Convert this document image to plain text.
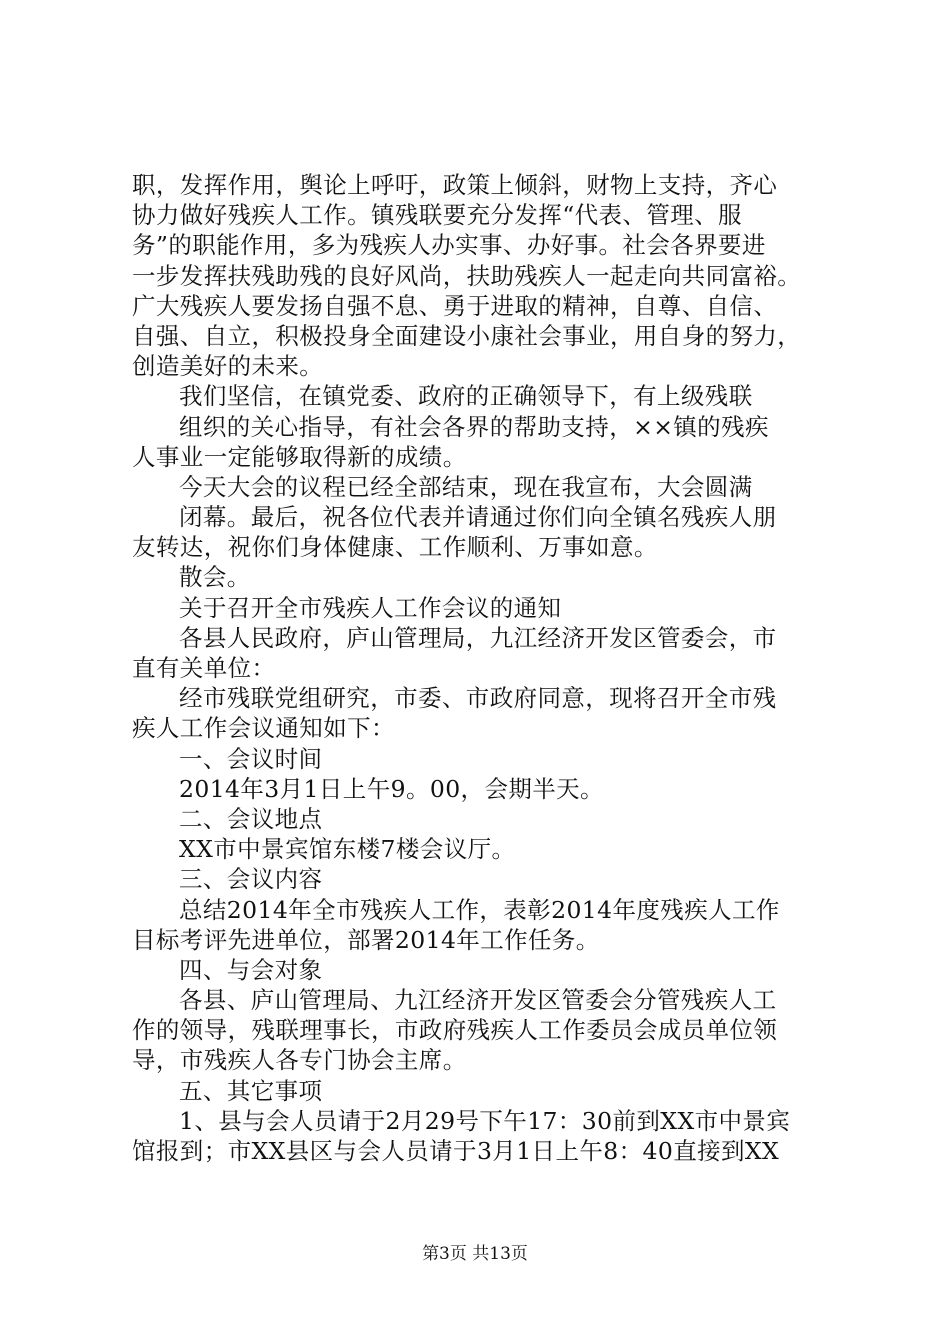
职，发挥作用，舆论上呼吁，政策上倾斜，财物上支持，齐心
协力做好残疾人工作。镇残联要充分发挥“代表、管理、服
务”的职能作用，多为残疾人办实事、办好事。社会各界要进
一步发挥扶残助残的良好风尚，扶助残疾人一起走向共同富裕。
广大残疾人要发扬自强不息、勇于进取的精神，自尊、自信、
自强、自立，积极投身全面建设小康社会事业，用自身的努力，
创造美好的未来。
我们坚信，在镇党委、政府的正确领导下，有上级残联
组织的关心指导，有社会各界的帮助支持，××镇的残疾
人事业一定能够取得新的成绩。
今天大会的议程已经全部结束，现在我宣布，大会圆满
闭幕。最后，祝各位代表并请通过你们向全镇名残疾人朋
友转达，祝你们身体健康、工作顺利、万事如意。
散会。
关于召开全市残疾人工作会议的通知
各县人民政府，庐山管理局，九江经济开发区管委会，市
直有关单位：
经市残联党组研究，市委、市政府同意，现将召开全市残
疾人工作会议通知如下：
一、会议时间
2014年3月1日上午9。00，会期半天。
二、会议地点
XX市中景宾馆东楼7楼会议厅。
三、会议内容
总结2014年全市残疾人工作，表彰2014年度残疾人工作
目标考评先进单位，部署2014年工作任务。
四、与会对象
各县、庐山管理局、九江经济开发区管委会分管残疾人工
作的领导，残联理事长，市政府残疾人工作委员会成员单位领
导，市残疾人各专门协会主席。
五、其它事项
1、县与会人员请于2月29号下午17：30前到XX市中景宾
馆报到；市XX县区与会人员请于3月1日上午8：40直接到XX
第3页 共13页
